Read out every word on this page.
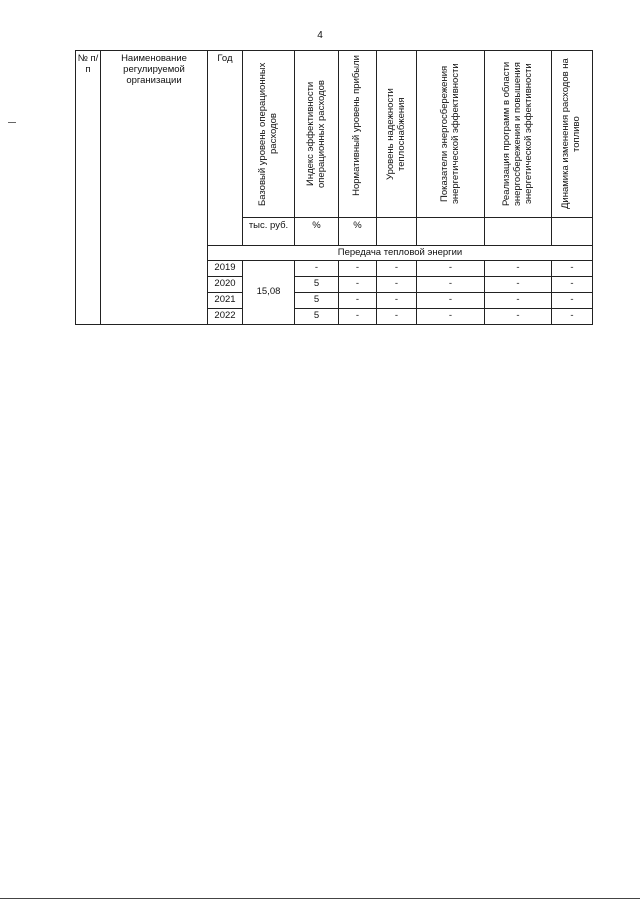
4
№ п/п	Наименование регулируемой организации	Год	Базовый уровень операционных расходов	Индекс эффективности операционных расходов	Нормативный уровень прибыли	Уровень надежности теплоснабжения	Показатели энергосбережения энергетической эффективности	Реализация программ в области энергосбережения и повышения энергетической эффективности	Динамика изменения расходов на топливо

			тыс. руб.	%	%				
		Передача тепловой энергии							
		2019	15,08	-	-	-	-	-	-
		2020		5	-	-	-	-	-
		2021		5	-	-	-	-	-
		2022		5	-	-	-	-	-
